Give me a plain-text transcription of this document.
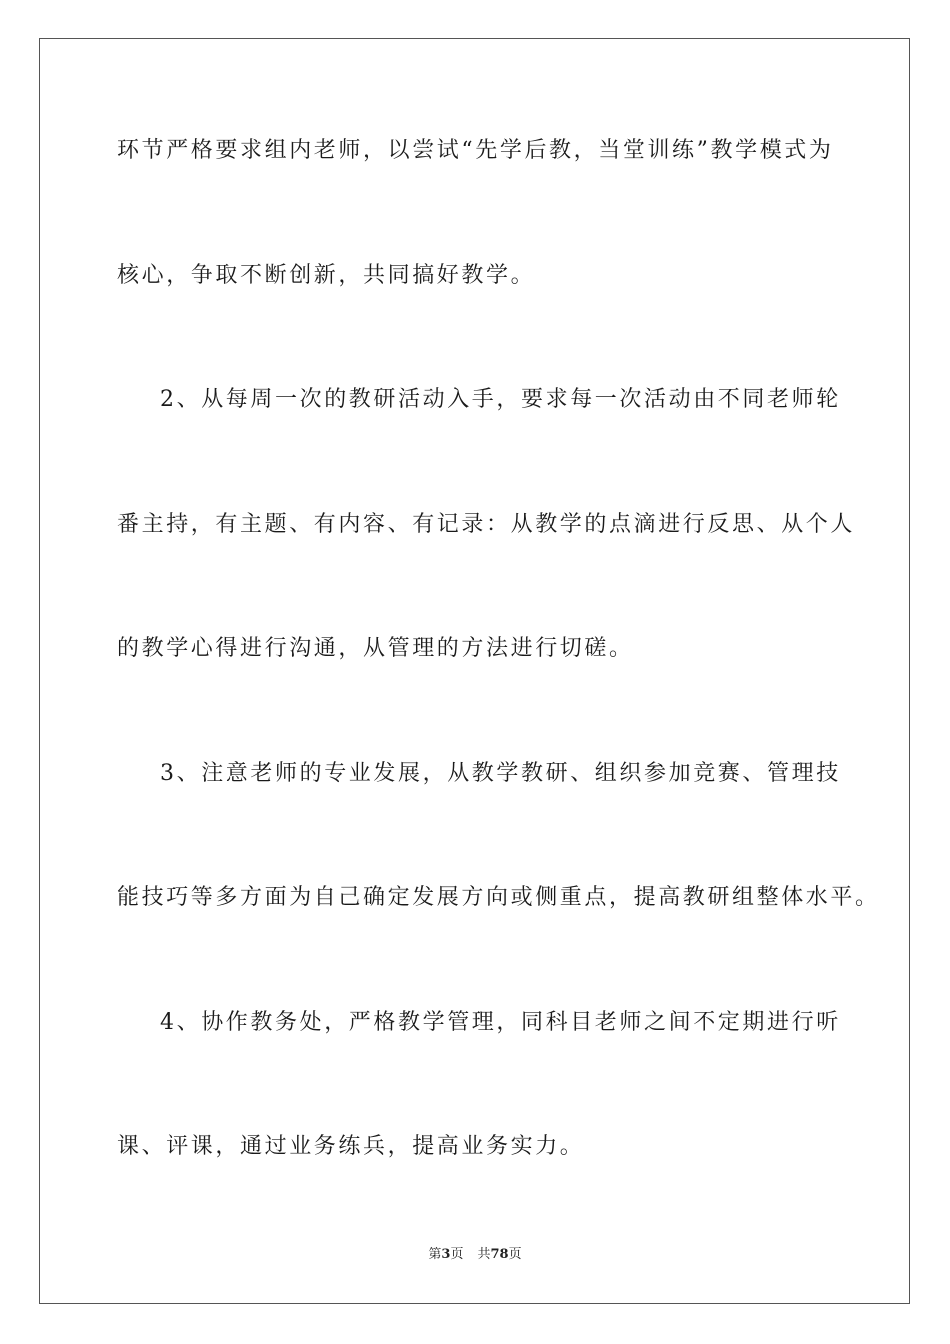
环节严格要求组内老师，以尝试“先学后教，当堂训练”教学模式为
核心，争取不断创新，共同搞好教学。
2、从每周一次的教研活动入手，要求每一次活动由不同老师轮
番主持，有主题、有内容、有记录：从教学的点滴进行反思、从个人
的教学心得进行沟通，从管理的方法进行切磋。
3、注意老师的专业发展，从教学教研、组织参加竞赛、管理技
能技巧等多方面为自己确定发展方向或侧重点，提高教研组整体水平。
4、协作教务处，严格教学管理，同科目老师之间不定期进行听
课、评课，通过业务练兵，提高业务实力。
第3页 共78页
